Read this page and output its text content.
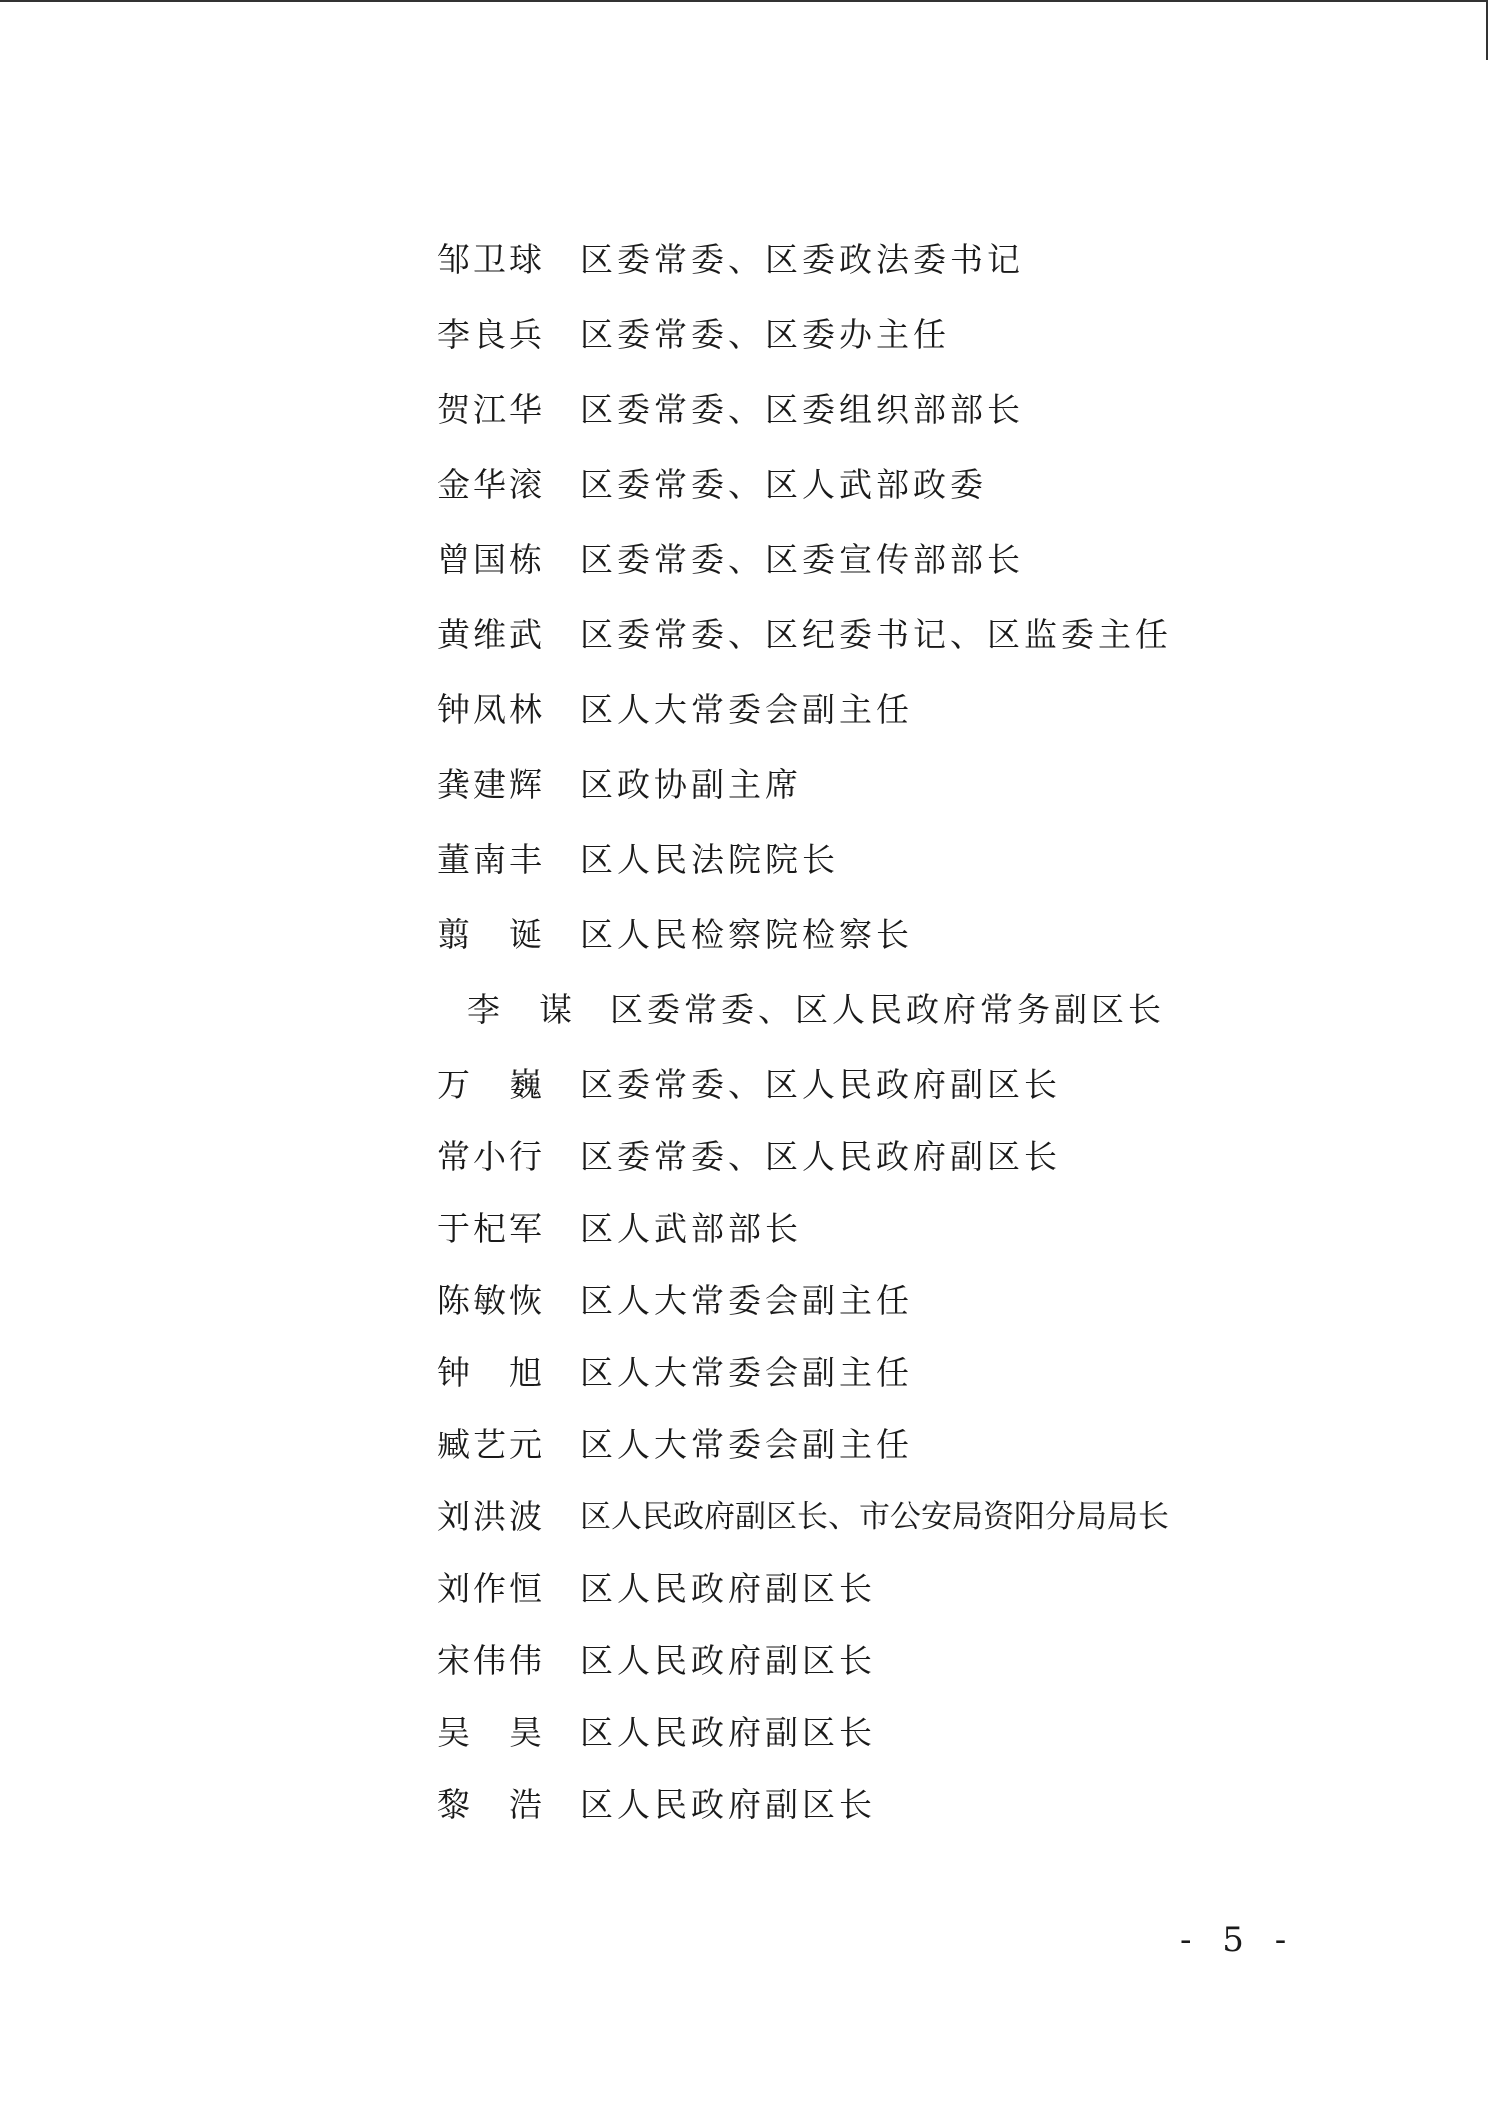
邹卫球 区委常委、区委政法委书记
李良兵 区委常委、区委办主任
贺江华 区委常委、区委组织部部长
金华滚 区委常委、区人武部政委
曾国栋 区委常委、区委宣传部部长
黄维武 区委常委、区纪委书记、区监委主任
钟凤林 区人大常委会副主任
龚建辉 区政协副主席
董南丰 区人民法院院长
翦　诞 区人民检察院检察长
李　谋 区委常委、区人民政府常务副区长
万　巍 区委常委、区人民政府副区长
常小行 区委常委、区人民政府副区长
于杞军 区人武部部长
陈敏恢 区人大常委会副主任
钟　旭 区人大常委会副主任
臧艺元 区人大常委会副主任
刘洪波 区人民政府副区长、市公安局资阳分局局长
刘作恒 区人民政府副区长
宋伟伟 区人民政府副区长
吴　昊 区人民政府副区长
黎　浩 区人民政府副区长
- 5 -
